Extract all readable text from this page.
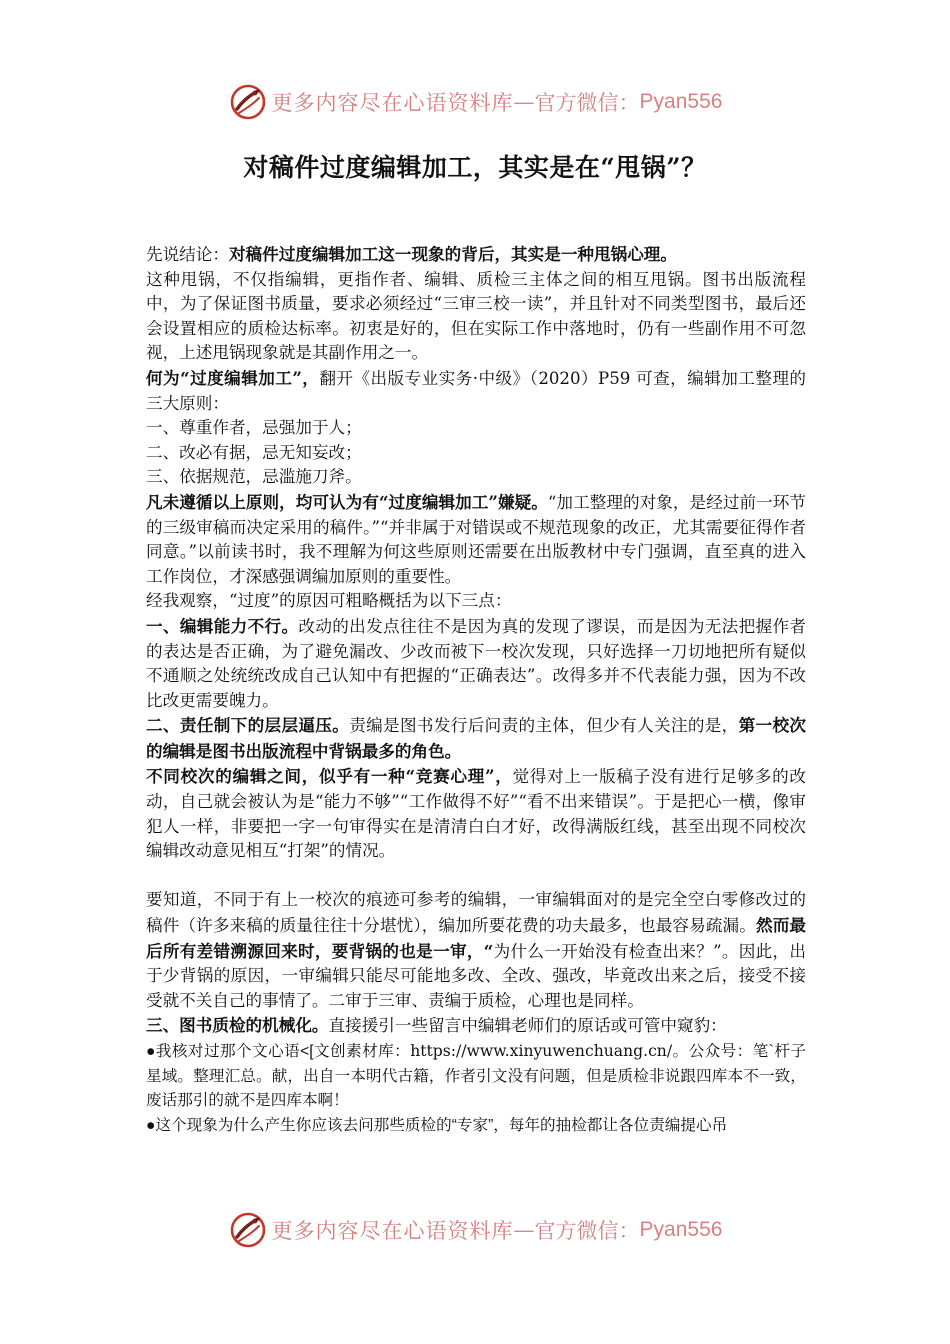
更多内容尽在心语资料库 — 官方微信： Pyan556
对稿件过度编辑加工，其实是在“甩锅”？

先说结论：对稿件过度编辑加工这一现象的背后，其实是一种甩锅心理。

这种甩锅，不仅指编辑，更指作者、编辑、质检三主体之间的相互甩锅。图书出版流程中，为了保证图书质量，要求必须经过“三审三校一读”，并且针对不同类型图书，最后还会设置相应的质检达标率。初衷是好的，但在实际工作中落地时，仍有一些副作用不可忽视，上述甩锅现象就是其副作用之一。

何为“过度编辑加工”，翻开《出版专业实务·中级》（2020）P59 可查，编辑加工整理的三大原则：

一、尊重作者，忌强加于人；

二、改必有据，忌无知妄改；

三、依据规范，忌滥施刀斧。

凡未遵循以上原则，均可认为有“过度编辑加工”嫌疑。“加工整理的对象，是经过前一环节的三级审稿而决定采用的稿件。”“并非属于对错误或不规范现象的改正，尤其需要征得作者同意。”以前读书时，我不理解为何这些原则还需要在出版教材中专门强调，直至真的进入工作岗位，才深感强调编加原则的重要性。

经我观察，“过度”的原因可粗略概括为以下三点：

一、编辑能力不行。改动的出发点往往不是因为真的发现了谬误，而是因为无法把握作者的表达是否正确，为了避免漏改、少改而被下一校次发现，只好选择一刀切地把所有疑似不通顺之处统统改成自己认知中有把握的“正确表达”。改得多并不代表能力强，因为不改比改更需要魄力。

二、责任制下的层层逼压。责编是图书发行后问责的主体，但少有人关注的是，第一校次的编辑是图书出版流程中背锅最多的角色。

不同校次的编辑之间，似乎有一种“竞赛心理”，觉得对上一版稿子没有进行足够多的改动，自己就会被认为是“能力不够”“工作做得不好”“看不出来错误”。于是把心一横，像审犯人一样，非要把一字一句审得实在是清清白白才好，改得满版红线，甚至出现不同校次编辑改动意见相互“打架”的情况。

要知道，不同于有上一校次的痕迹可参考的编辑，一审编辑面对的是完全空白零修改过的稿件（许多来稿的质量往往十分堪忧），编加所要花费的功夫最多，也最容易疏漏。然而最后所有差错溯源回来时，要背锅的也是一审，“为什么一开始没有检查出来？”。因此，出于少背锅的原因，一审编辑只能尽可能地多改、全改、强改，毕竟改出来之后，接受不接受就不关自己的事情了。二审于三审、责编于质检，心理也是同样。

三、图书质检的机械化。直接援引一些留言中编辑老师们的原话或可管中窥豹：

●我核对过那个文心语<[文创素材库：https://www.xinyuwenchuang.cn/。公众号：笔`杆子星域。整理汇总。献，出自一本明代古籍，作者引文没有问题，但是质检非说跟四库本不一致，废话那引的就不是四库本啊！

●这个现象为什么产生你应该去问那些质检的“专家”，每年的抽检都让各位责编提心吊

更多内容尽在心语资料库 — 官方微信： Pyan556
